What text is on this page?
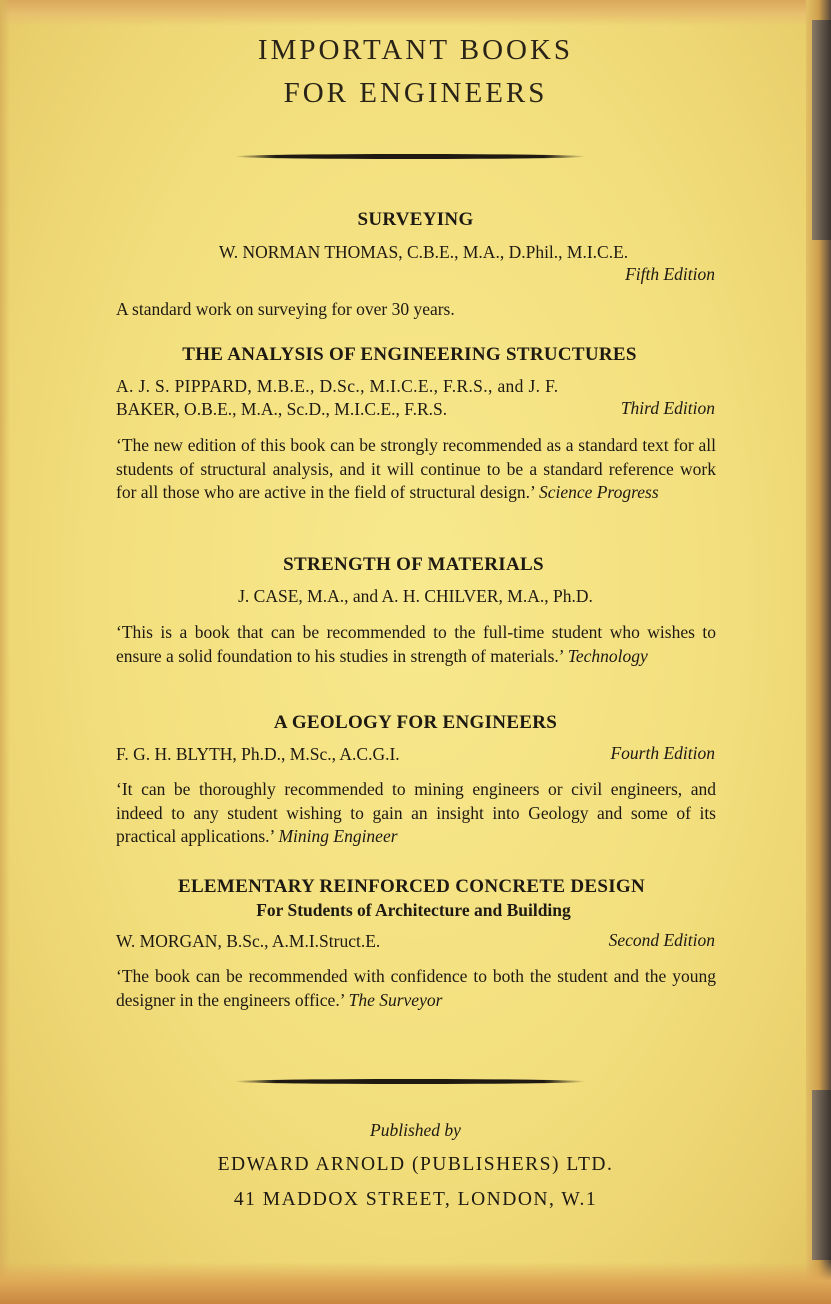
IMPORTANT BOOKS
FOR ENGINEERS
SURVEYING
W. NORMAN THOMAS, C.B.E., M.A., D.Phil., M.I.C.E.
Fifth Edition
A standard work on surveying for over 30 years.
THE ANALYSIS OF ENGINEERING STRUCTURES
A. J. S. PIPPARD, M.B.E., D.Sc., M.I.C.E., F.R.S., and J. F.
BAKER, O.B.E., M.A., Sc.D., M.I.C.E., F.R.S.	Third Edition
‘The new edition of this book can be strongly recommended as a standard text for all students of structural analysis, and it will continue to be a standard reference work for all those who are active in the field of structural design.’ Science Progress
STRENGTH OF MATERIALS
J. CASE, M.A., and A. H. CHILVER, M.A., Ph.D.
‘This is a book that can be recommended to the full-time student who wishes to ensure a solid foundation to his studies in strength of materials.’ Technology
A GEOLOGY FOR ENGINEERS
F. G. H. BLYTH, Ph.D., M.Sc., A.C.G.I.	Fourth Edition
‘It can be thoroughly recommended to mining engineers or civil engineers, and indeed to any student wishing to gain an insight into Geology and some of its practical applications.’ Mining Engineer
ELEMENTARY REINFORCED CONCRETE DESIGN
For Students of Architecture and Building
W. MORGAN, B.Sc., A.M.I.Struct.E.	Second Edition
‘The book can be recommended with confidence to both the student and the young designer in the engineers office.’ The Surveyor
Published by
EDWARD ARNOLD (PUBLISHERS) LTD.
41 MADDOX STREET, LONDON, W.1
